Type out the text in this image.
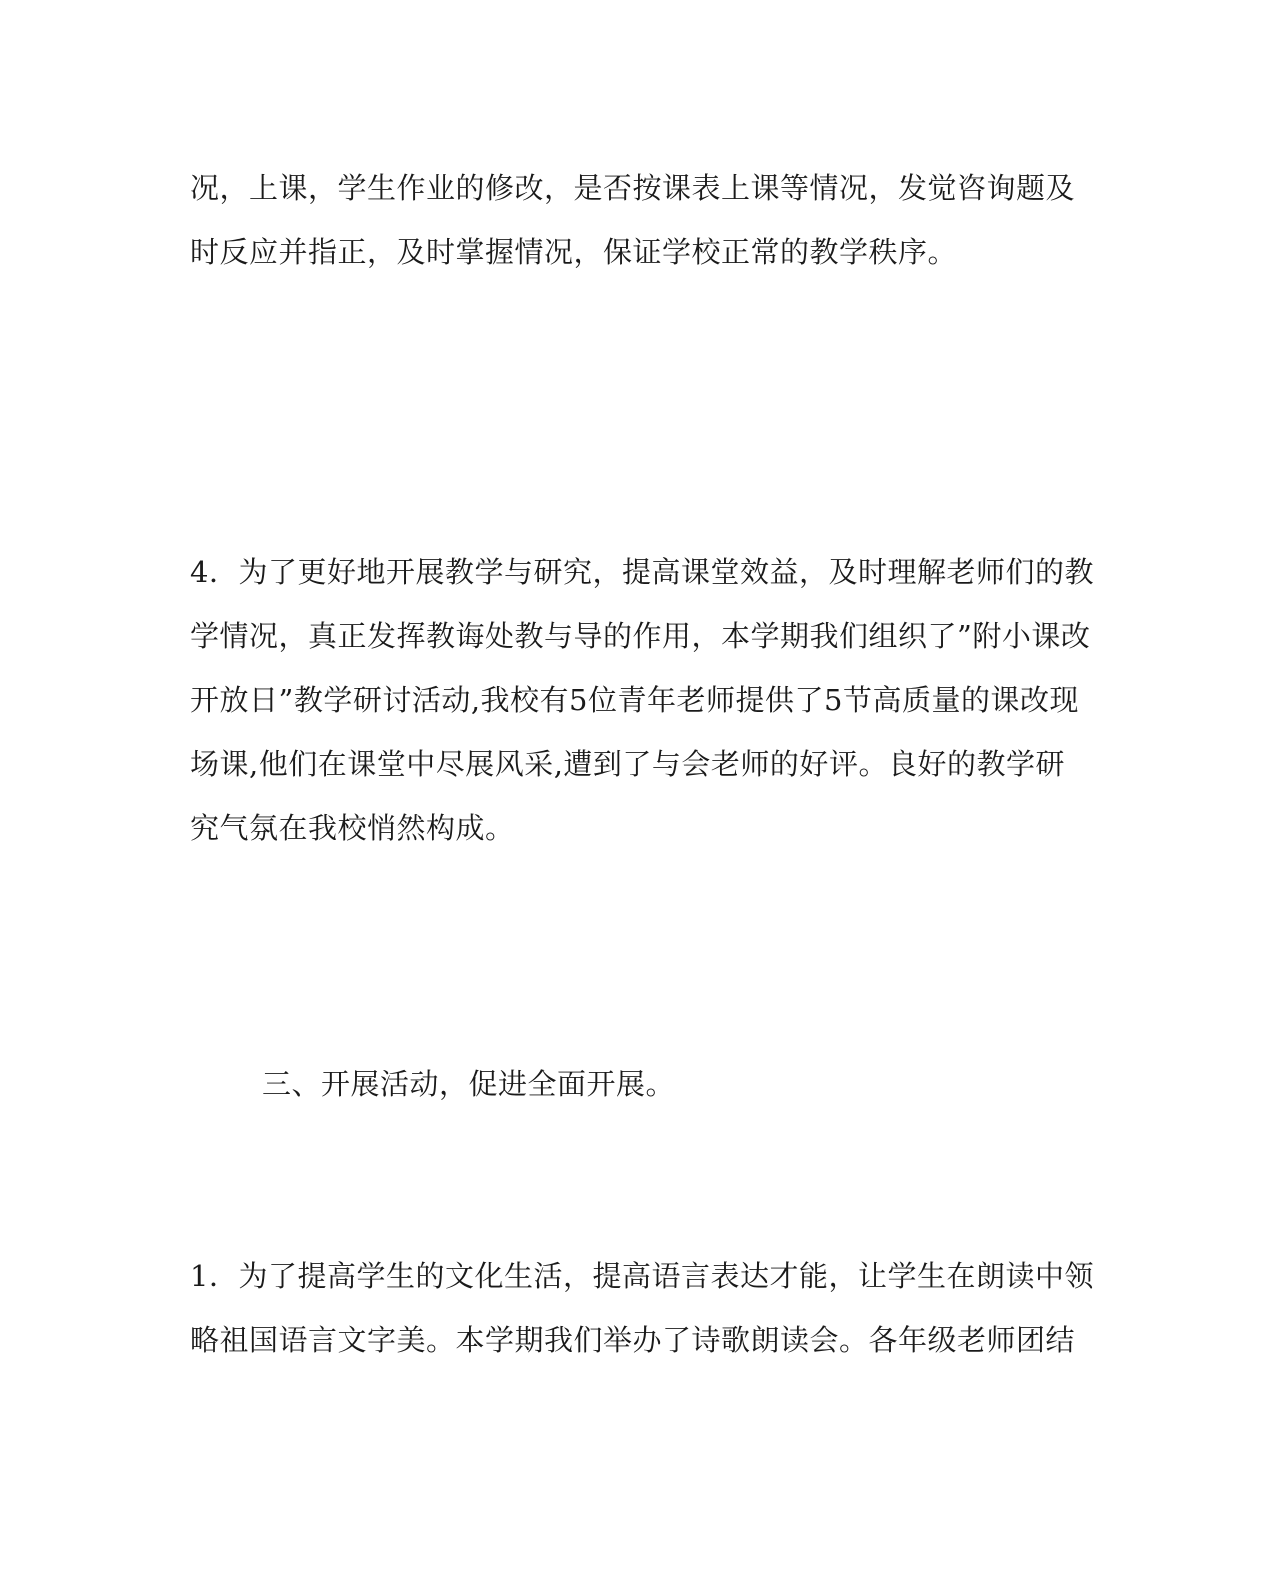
况，上课，学生作业的修改，是否按课表上课等情况，发觉咨询题及
时反应并指正，及时掌握情况，保证学校正常的教学秩序。
4．为了更好地开展教学与研究，提高课堂效益，及时理解老师们的教
学情况，真正发挥教诲处教与导的作用，本学期我们组织了”附小课改
开放日”教学研讨活动,我校有5位青年老师提供了5节高质量的课改现
场课,他们在课堂中尽展风采,遭到了与会老师的好评。良好的教学研
究气氛在我校悄然构成。
三、开展活动，促进全面开展。
1．为了提高学生的文化生活，提高语言表达才能，让学生在朗读中领
略祖国语言文字美。本学期我们举办了诗歌朗读会。各年级老师团结
